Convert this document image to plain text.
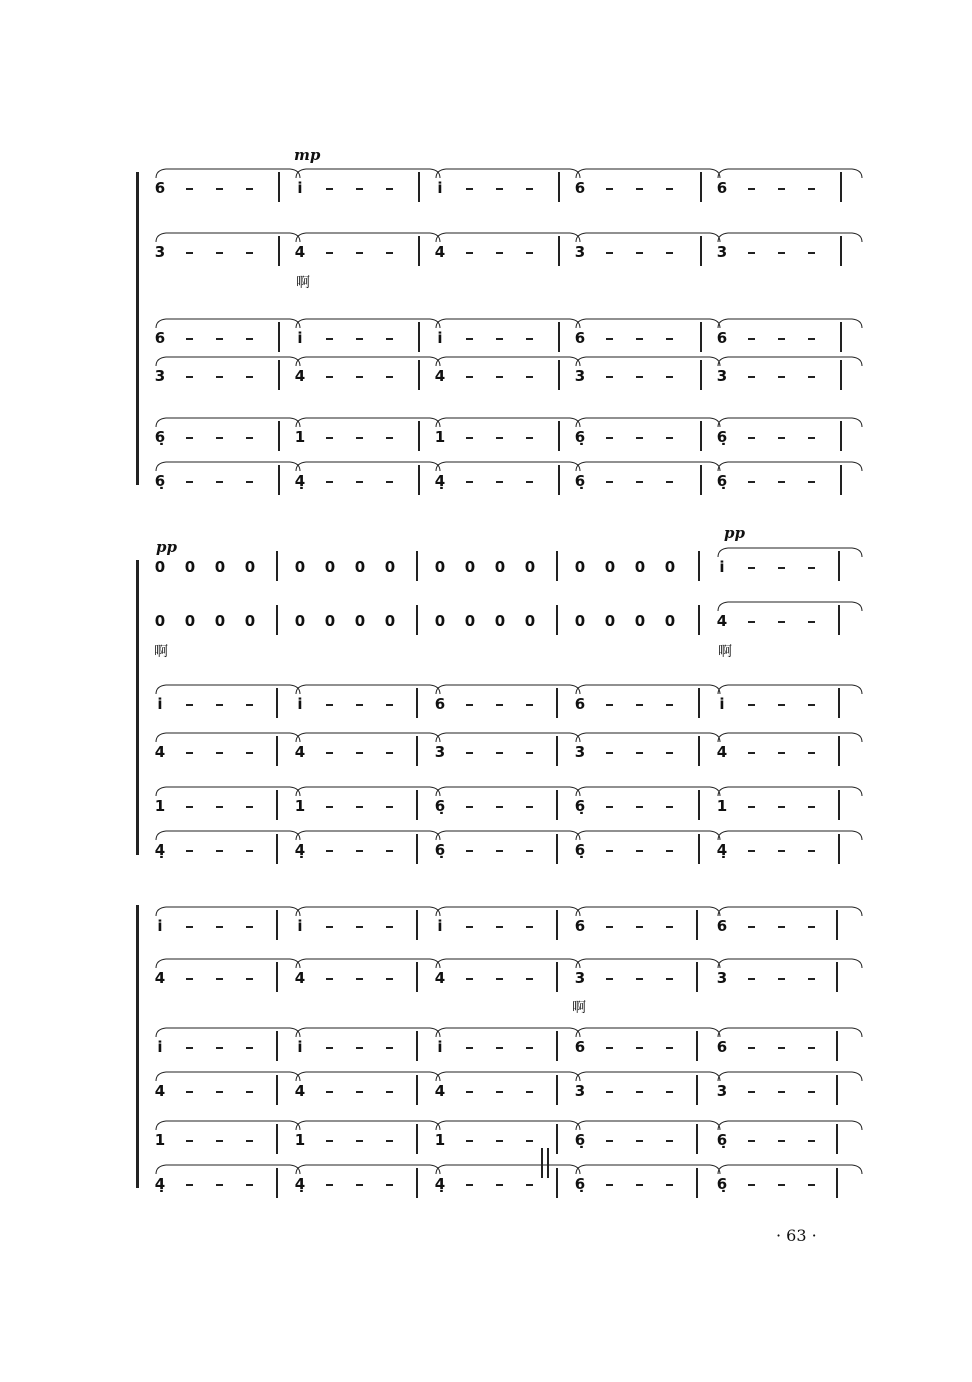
6	i	i	6	6
3	4	4	3	3
6	i	i	6	6
3	4	4	3	3
6̣	1	1	6̣	6̣
6̣	4̣	4̣	6̣	6̣
mp
啊
0 0 0 0	0 0 0 0	0 0 0 0	0 0 0 0	i
0 0 0 0	0 0 0 0	0 0 0 0	0 0 0 0	4
i	i	6	6	i
4	4	3	3	4
1	1	6̣	6̣	1
4̣	4̣	6̣	6̣	4̣
pp
pp
啊	啊
i	i	i	6	6
4	4	4	3	3
i	i	i	6	6
4	4	4	3	3
1	1	1	6̣	6̣
4̣	4̣	4̣	6̣	6̣
啊
· 63 ·
